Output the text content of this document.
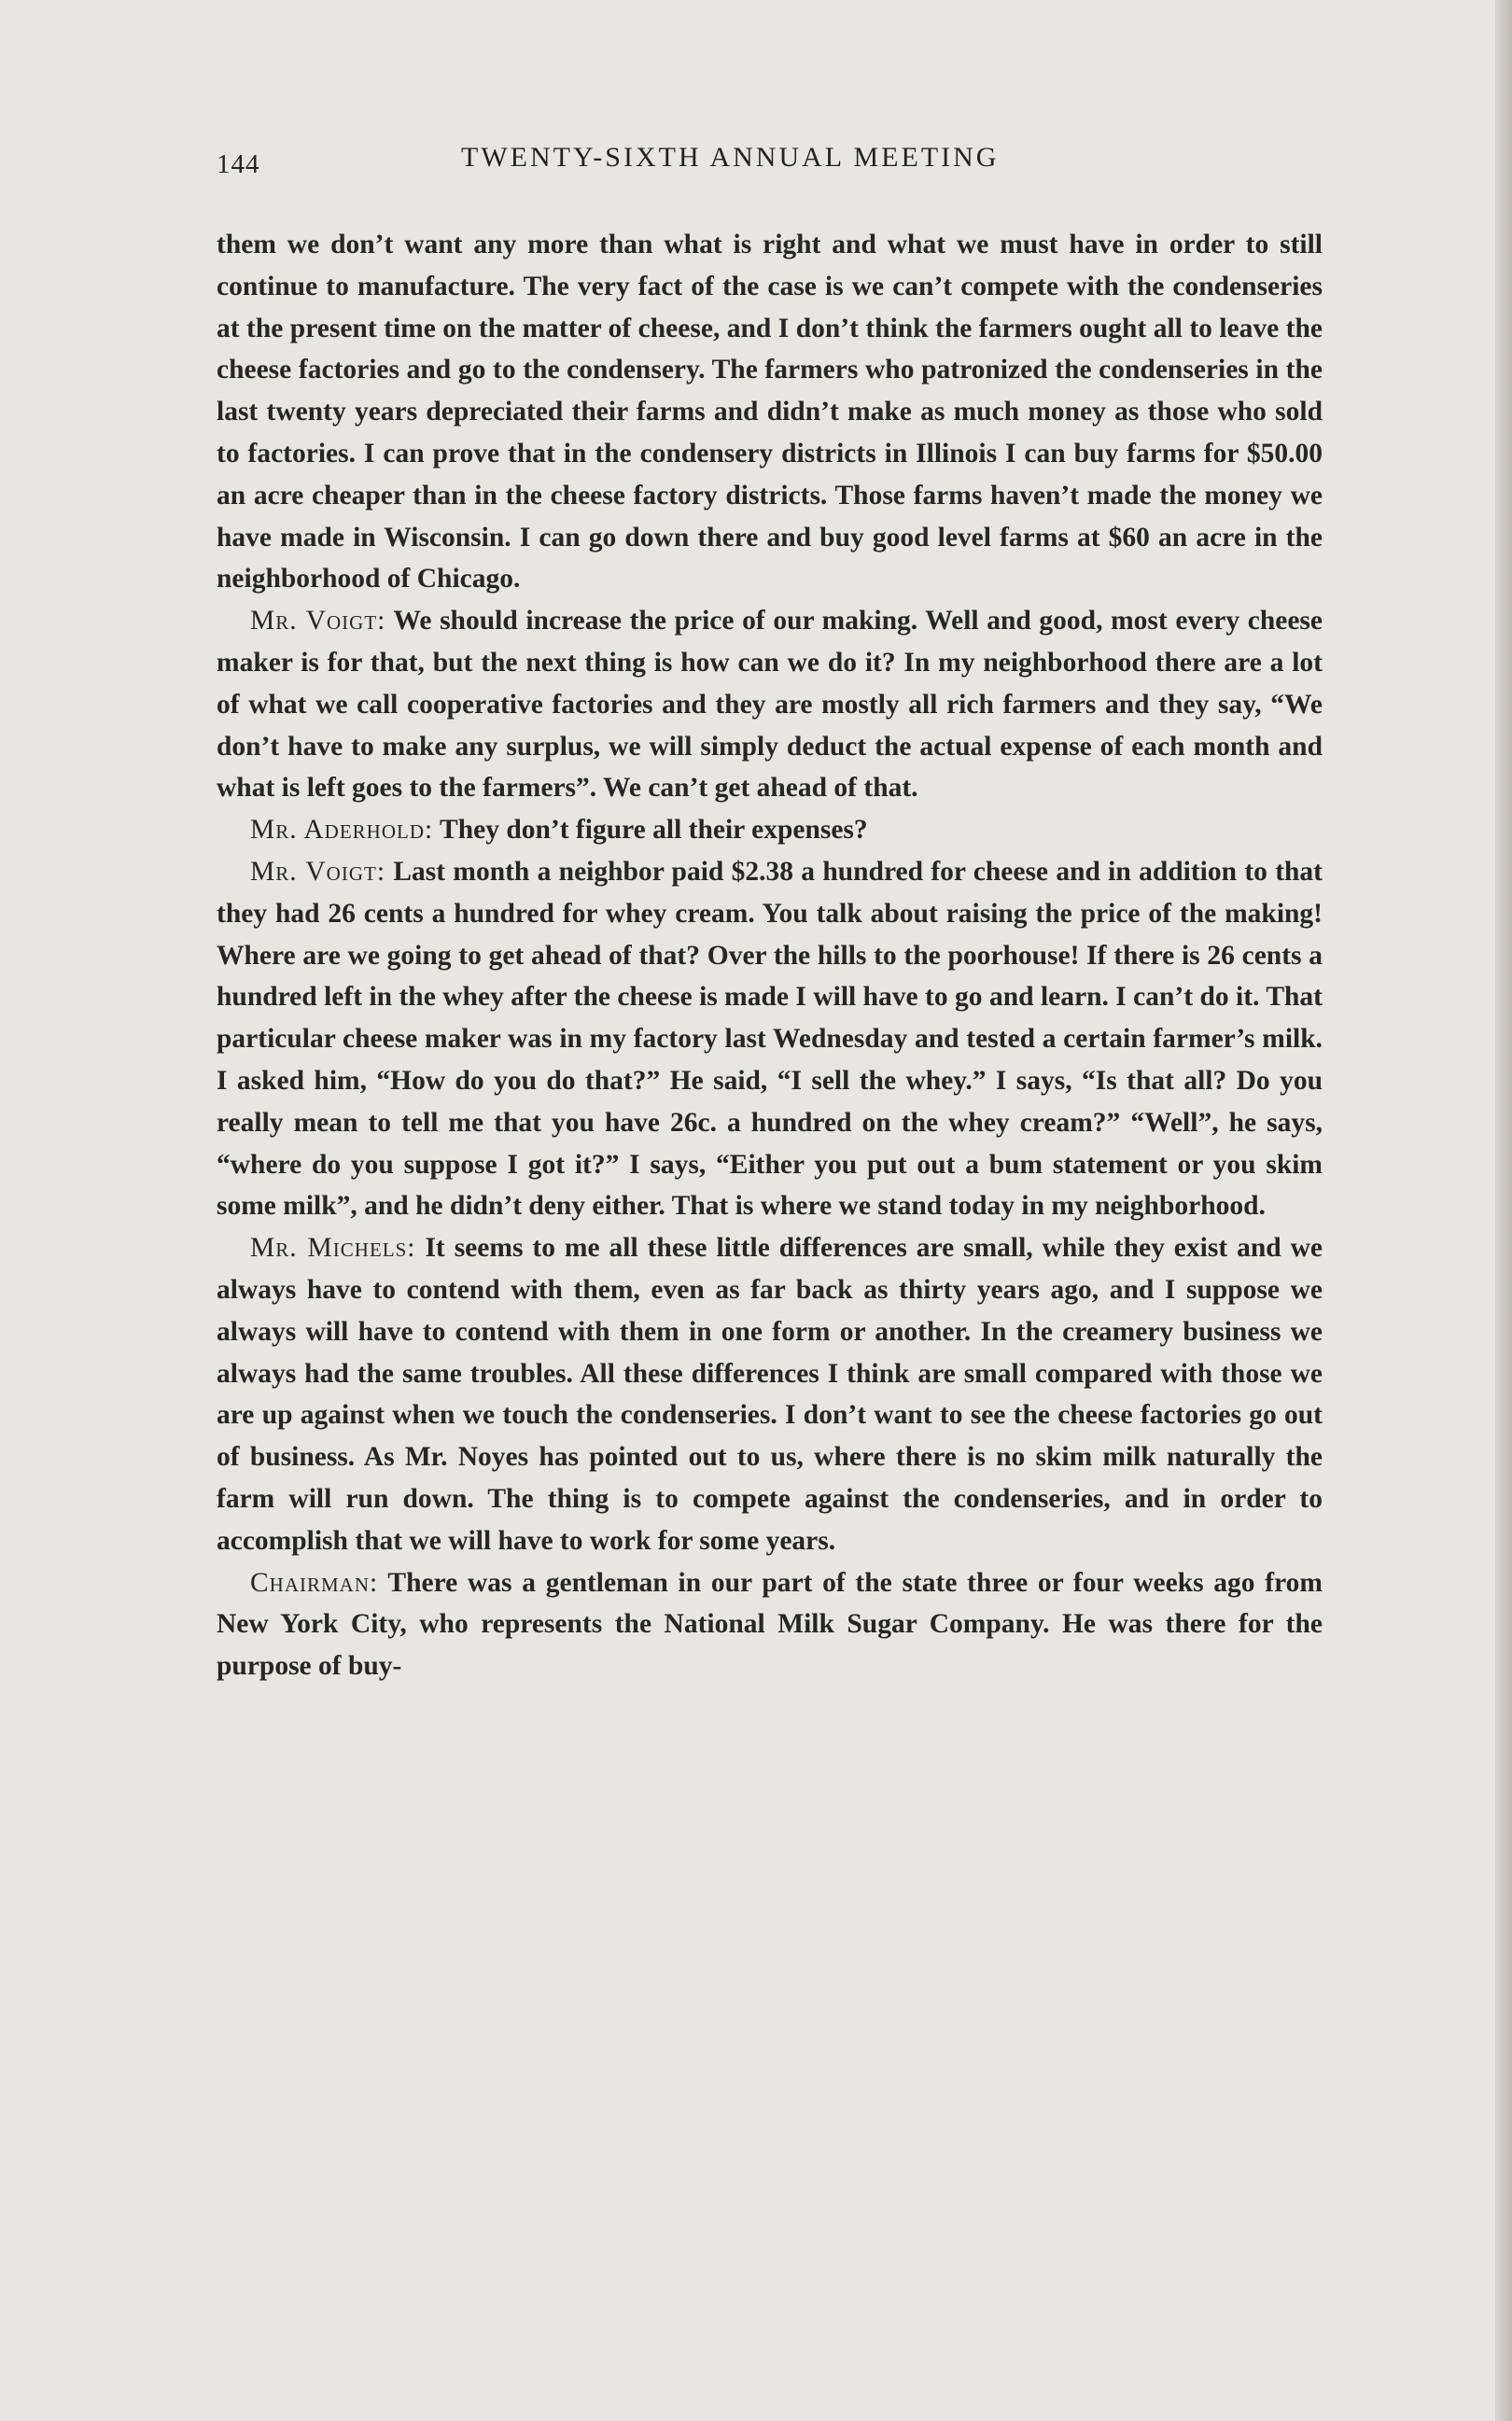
144	TWENTY-SIXTH ANNUAL MEETING

them we don’t want any more than what is right and what we must have in order to still continue to manufacture. The very fact of the case is we can’t compete with the condenseries at the present time on the matter of cheese, and I don’t think the farmers ought all to leave the cheese factories and go to the condensery. The farmers who patronized the condenseries in the last twenty years depreciated their farms and didn’t make as much money as those who sold to factories. I can prove that in the condensery districts in Illinois I can buy farms for $50.00 an acre cheaper than in the cheese factory districts. Those farms haven’t made the money we have made in Wisconsin. I can go down there and buy good level farms at $60 an acre in the neighborhood of Chicago.

Mr. Voigt: We should increase the price of our making. Well and good, most every cheese maker is for that, but the next thing is how can we do it? In my neighborhood there are a lot of what we call cooperative factories and they are mostly all rich farmers and they say, “We don’t have to make any surplus, we will simply deduct the actual expense of each month and what is left goes to the farmers”. We can’t get ahead of that.

Mr. Aderhold: They don’t figure all their expenses?

Mr. Voigt: Last month a neighbor paid $2.38 a hundred for cheese and in addition to that they had 26 cents a hundred for whey cream. You talk about raising the price of the making! Where are we going to get ahead of that? Over the hills to the poorhouse! If there is 26 cents a hundred left in the whey after the cheese is made I will have to go and learn. I can’t do it. That particular cheese maker was in my factory last Wednesday and tested a certain farmer’s milk. I asked him, “How do you do that?” He said, “I sell the whey.” I says, “Is that all? Do you really mean to tell me that you have 26c. a hundred on the whey cream?” “Well”, he says, “where do you suppose I got it?” I says, “Either you put out a bum statement or you skim some milk”, and he didn’t deny either. That is where we stand today in my neighborhood.

Mr. Michels: It seems to me all these little differences are small, while they exist and we always have to contend with them, even as far back as thirty years ago, and I suppose we always will have to contend with them in one form or another. In the creamery business we always had the same troubles. All these differences I think are small compared with those we are up against when we touch the condenseries. I don’t want to see the cheese factories go out of business. As Mr. Noyes has pointed out to us, where there is no skim milk naturally the farm will run down. The thing is to compete against the condenseries, and in order to accomplish that we will have to work for some years.

Chairman: There was a gentleman in our part of the state three or four weeks ago from New York City, who represents the National Milk Sugar Company. He was there for the purpose of buy-
